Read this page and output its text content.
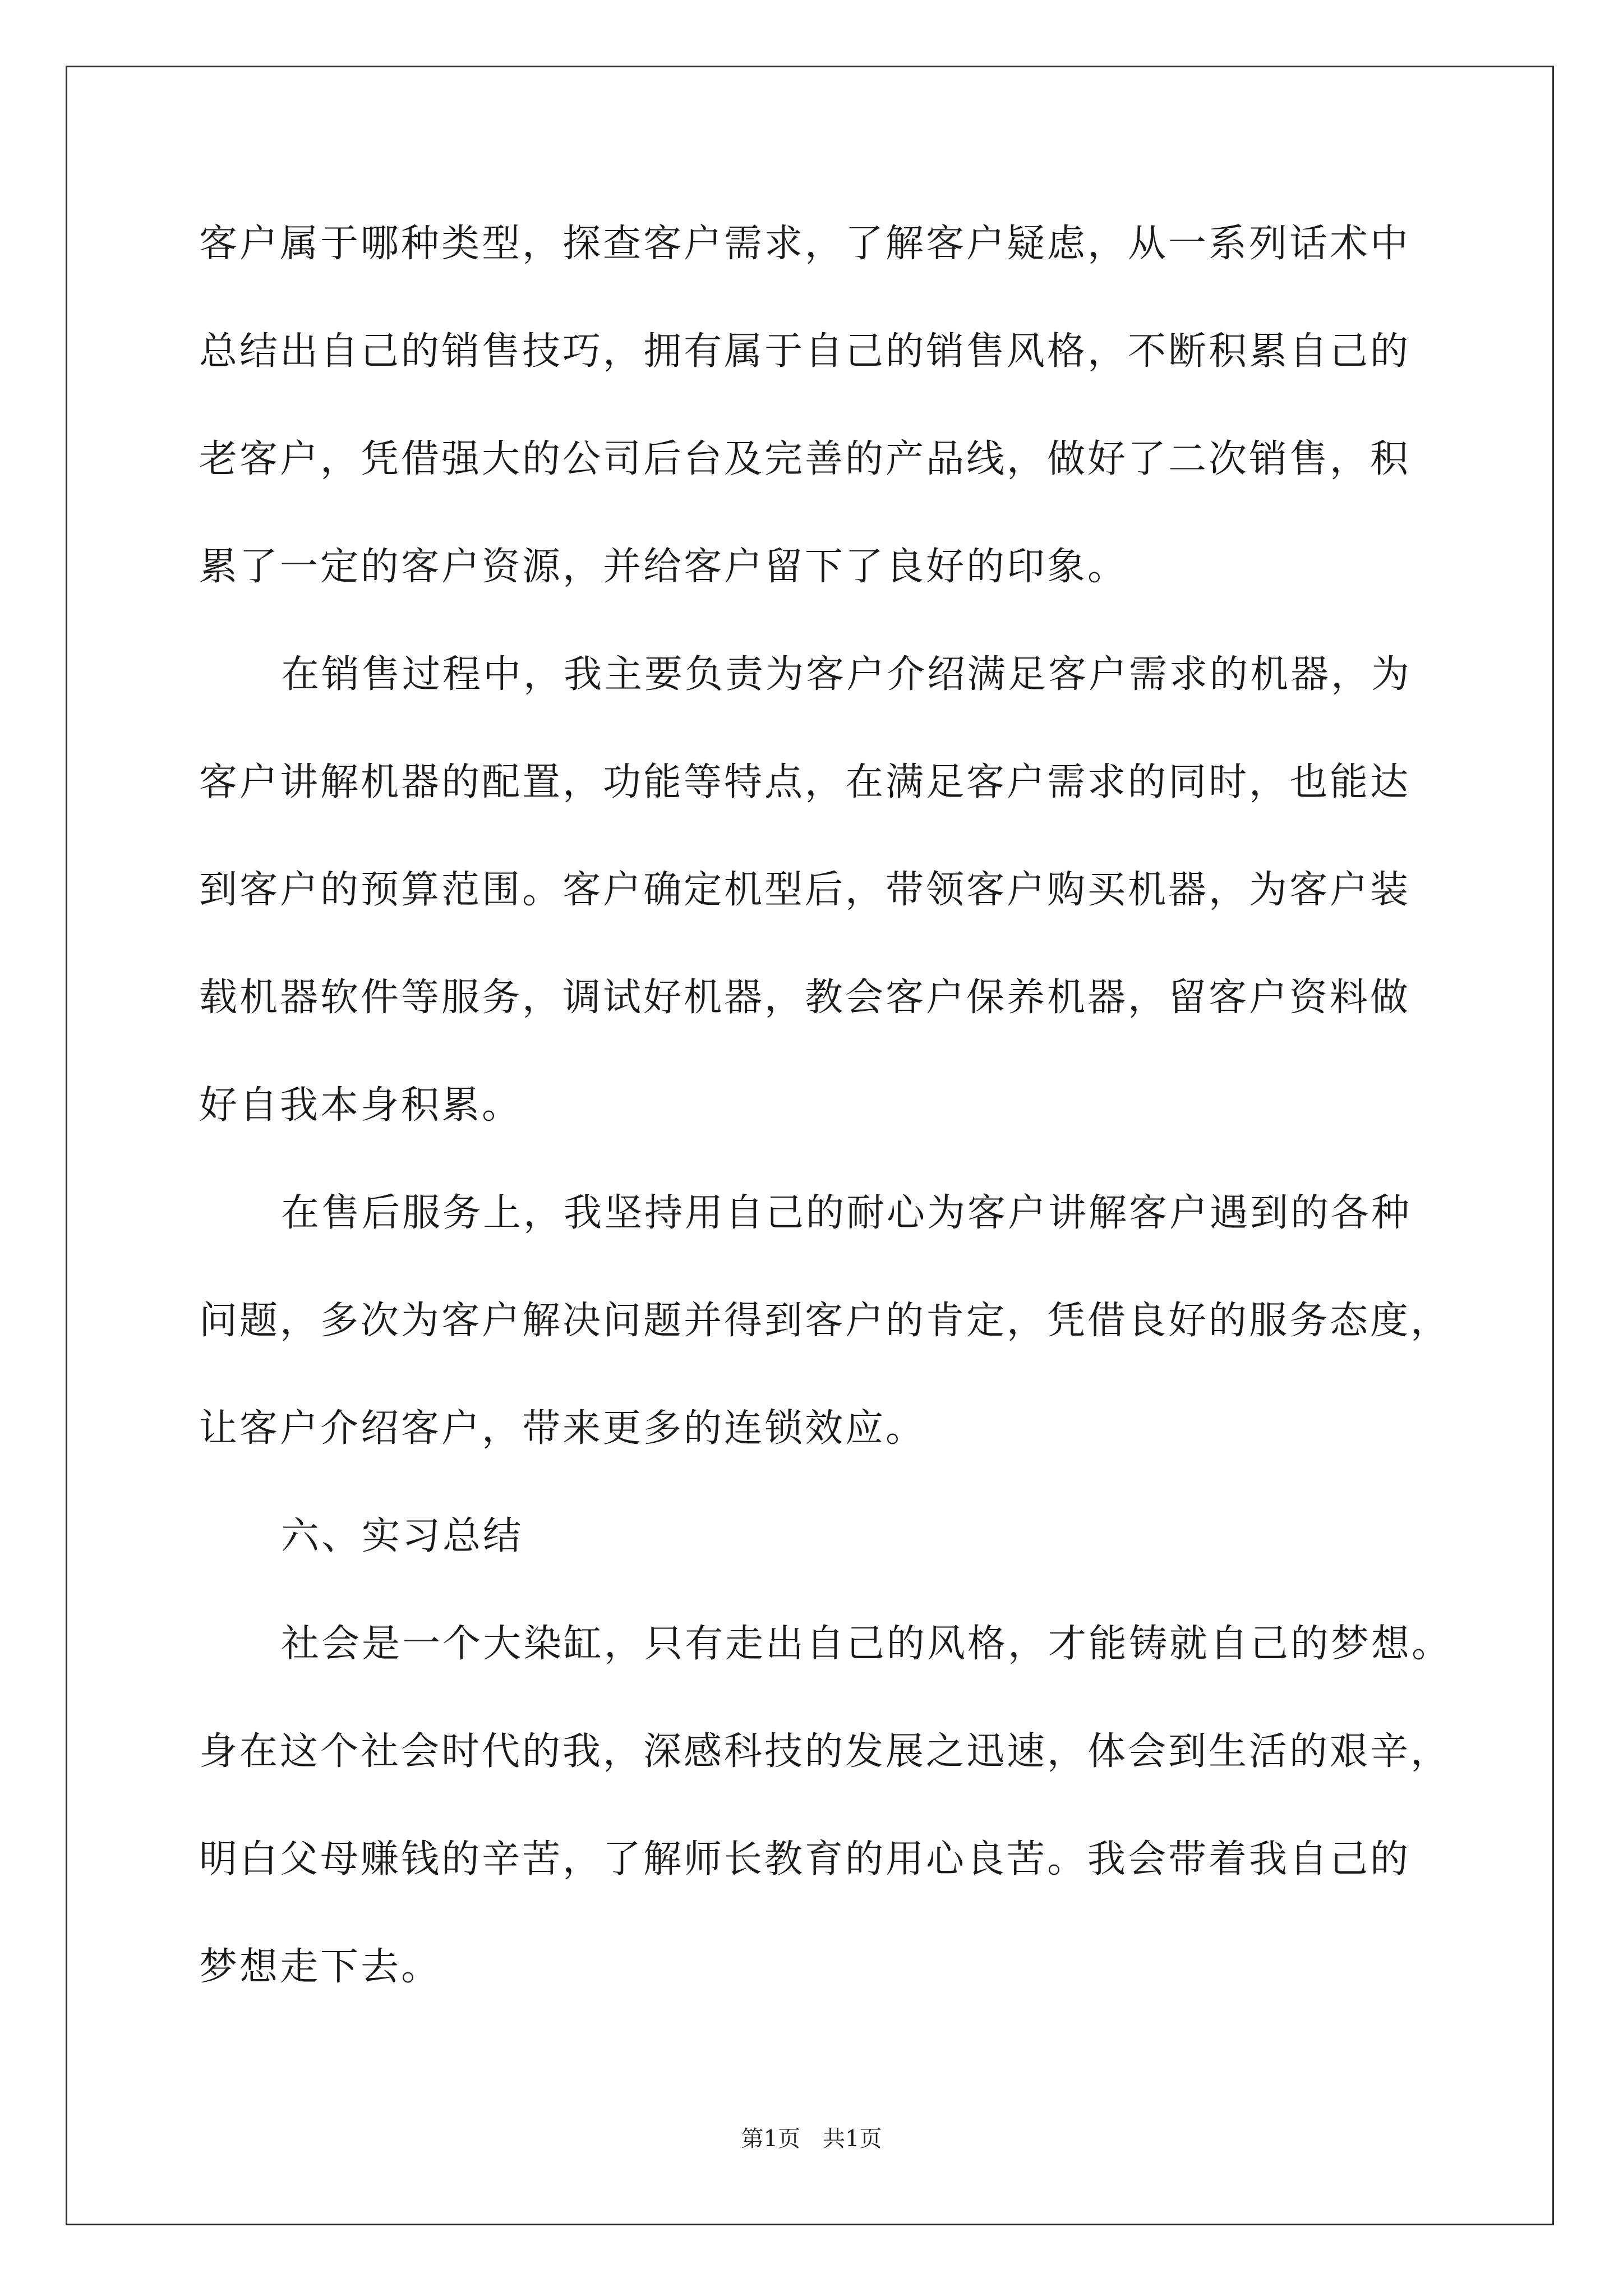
客户属于哪种类型，探查客户需求，了解客户疑虑，从一系列话术中
总结出自己的销售技巧，拥有属于自己的销售风格，不断积累自己的
老客户，凭借强大的公司后台及完善的产品线，做好了二次销售，积
累了一定的客户资源，并给客户留下了良好的印象。
在销售过程中，我主要负责为客户介绍满足客户需求的机器，为
客户讲解机器的配置，功能等特点，在满足客户需求的同时，也能达
到客户的预算范围。客户确定机型后，带领客户购买机器，为客户装
载机器软件等服务，调试好机器，教会客户保养机器，留客户资料做
好自我本身积累。
在售后服务上，我坚持用自己的耐心为客户讲解客户遇到的各种
问题，多次为客户解决问题并得到客户的肯定，凭借良好的服务态度，
让客户介绍客户，带来更多的连锁效应。
六、实习总结
社会是一个大染缸，只有走出自己的风格，才能铸就自己的梦想。
身在这个社会时代的我，深感科技的发展之迅速，体会到生活的艰辛，
明白父母赚钱的辛苦，了解师长教育的用心良苦。我会带着我自己的
梦想走下去。
第1页　共1页
